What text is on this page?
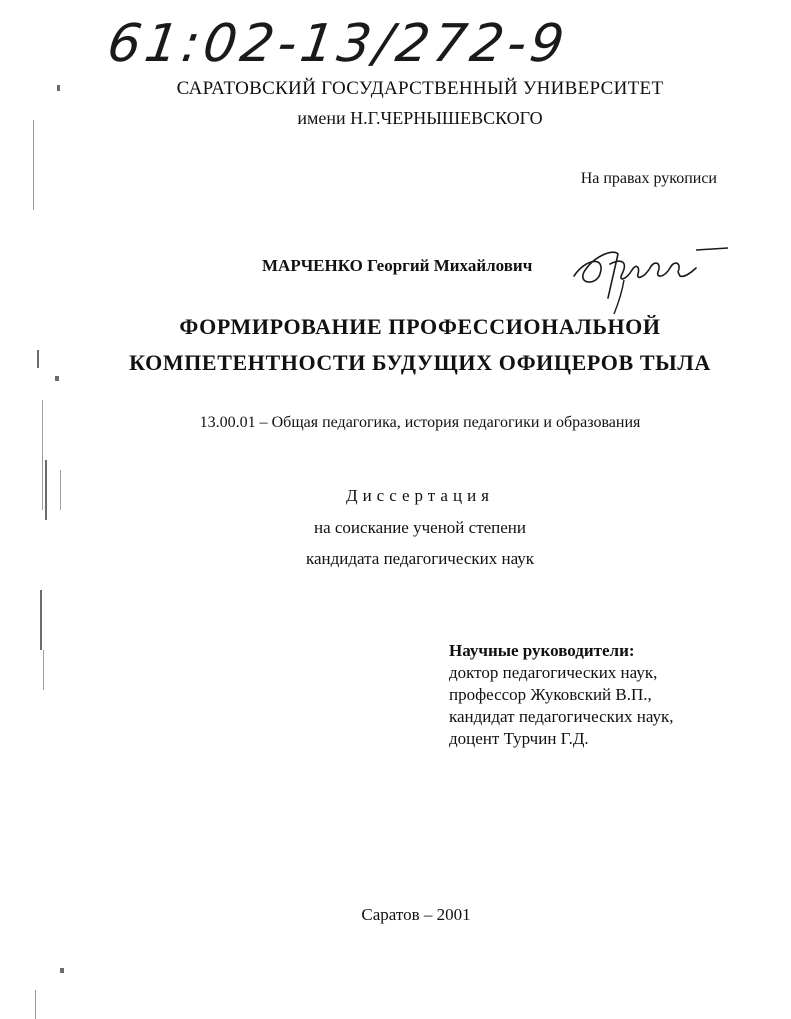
61:02-13/272-9
САРАТОВСКИЙ ГОСУДАРСТВЕННЫЙ УНИВЕРСИТЕТ
имени Н.Г.ЧЕРНЫШЕВСКОГО
На правах рукописи
МАРЧЕНКО Георгий Михайлович
ФОРМИРОВАНИЕ ПРОФЕССИОНАЛЬНОЙ
КОМПЕТЕНТНОСТИ БУДУЩИХ ОФИЦЕРОВ ТЫЛА
13.00.01 – Общая педагогика, история педагогики и образования
Диссертация
на соискание ученой степени
кандидата педагогических наук
Научные руководители:
доктор педагогических наук,
профессор Жуковский В.П.,
кандидат педагогических наук,
доцент Турчин Г.Д.
Саратов – 2001
